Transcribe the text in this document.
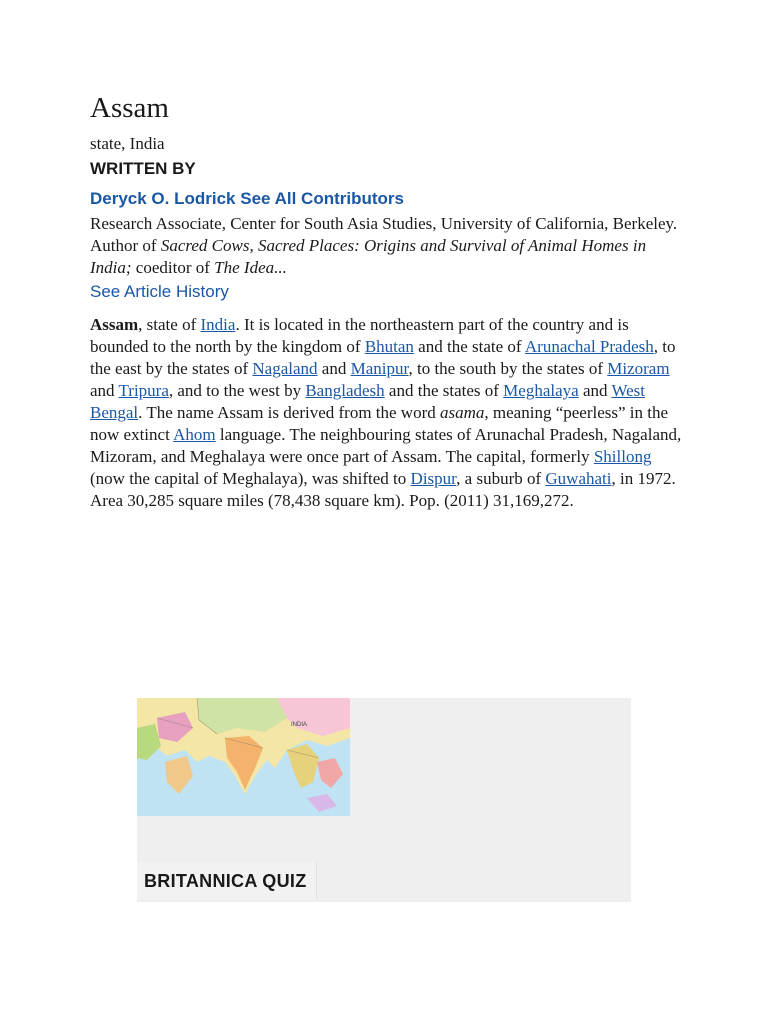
Assam
state, India
WRITTEN BY
Deryck O. Lodrick See All Contributors
Research Associate, Center for South Asia Studies, University of California, Berkeley. Author of Sacred Cows, Sacred Places: Origins and Survival of Animal Homes in India; coeditor of The Idea...
See Article History
Assam, state of India. It is located in the northeastern part of the country and is bounded to the north by the kingdom of Bhutan and the state of Arunachal Pradesh, to the east by the states of Nagaland and Manipur, to the south by the states of Mizoram and Tripura, and to the west by Bangladesh and the states of Meghalaya and West Bengal. The name Assam is derived from the word asama, meaning “peerless” in the now extinct Ahom language. The neighbouring states of Arunachal Pradesh, Nagaland, Mizoram, and Meghalaya were once part of Assam. The capital, formerly Shillong (now the capital of Meghalaya), was shifted to Dispur, a suburb of Guwahati, in 1972. Area 30,285 square miles (78,438 square km). Pop. (2011) 31,169,272.
INDIA
BRITANNICA QUIZ
